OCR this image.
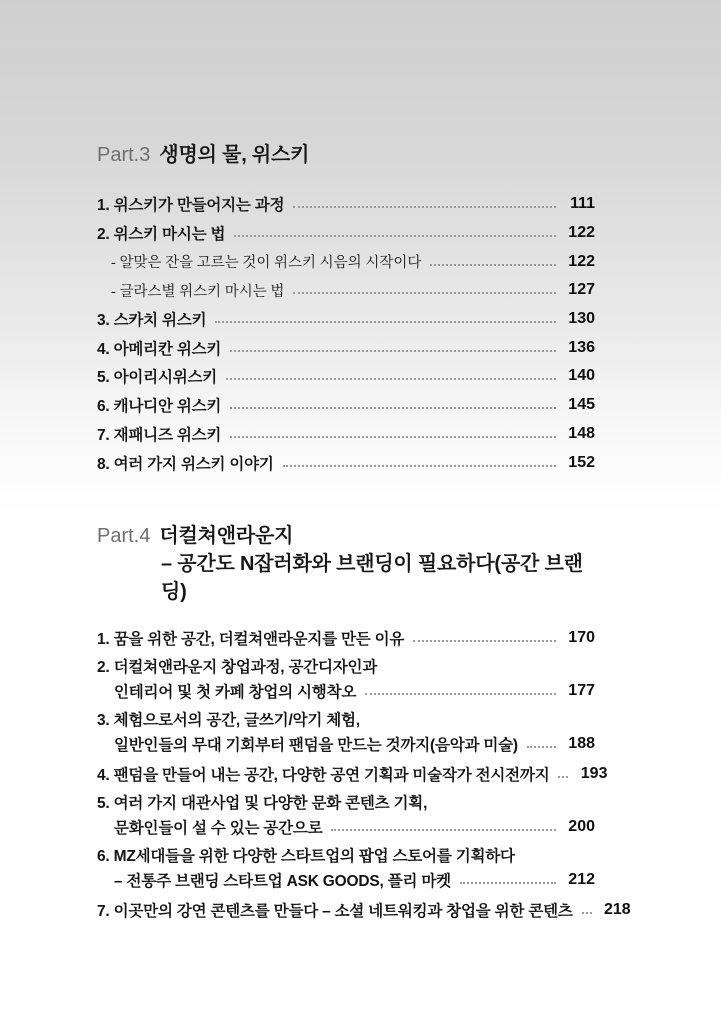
Part.3 생명의 물, 위스키
1. 위스키가 만들어지는 과정	111
2. 위스키 마시는 법	122
- 알맞은 잔을 고르는 것이 위스키 시음의 시작이다	122
- 글라스별 위스키 마시는 법	127
3. 스카치 위스키	130
4. 아메리칸 위스키	136
5. 아이리시위스키	140
6. 캐나디안 위스키	145
7. 재패니즈 위스키	148
8. 여러 가지 위스키 이야기	152
Part.4 더컬쳐앤라운지
– 공간도 N잡러화와 브랜딩이 필요하다(공간 브랜딩)
1. 꿈을 위한 공간, 더컬쳐앤라운지를 만든 이유	170
2. 더컬쳐앤라운지 창업과정, 공간디자인과
인테리어 및 첫 카페 창업의 시행착오	177
3. 체험으로서의 공간, 글쓰기/악기 체험,
일반인들의 무대 기회부터 팬덤을 만드는 것까지(음악과 미술)	188
4. 팬덤을 만들어 내는 공간, 다양한 공연 기획과 미술작가 전시전까지 193
5. 여러 가지 대관사업 및 다양한 문화 콘텐츠 기획,
문화인들이 설 수 있는 공간으로	200
6. MZ세대들을 위한 다양한 스타트업의 팝업 스토어를 기획하다
– 전통주 브랜딩 스타트업 ASK GOODS, 플리 마켓	212
7. 이곳만의 강연 콘텐츠를 만들다 – 소셜 네트워킹과 창업을 위한 콘텐츠 218
